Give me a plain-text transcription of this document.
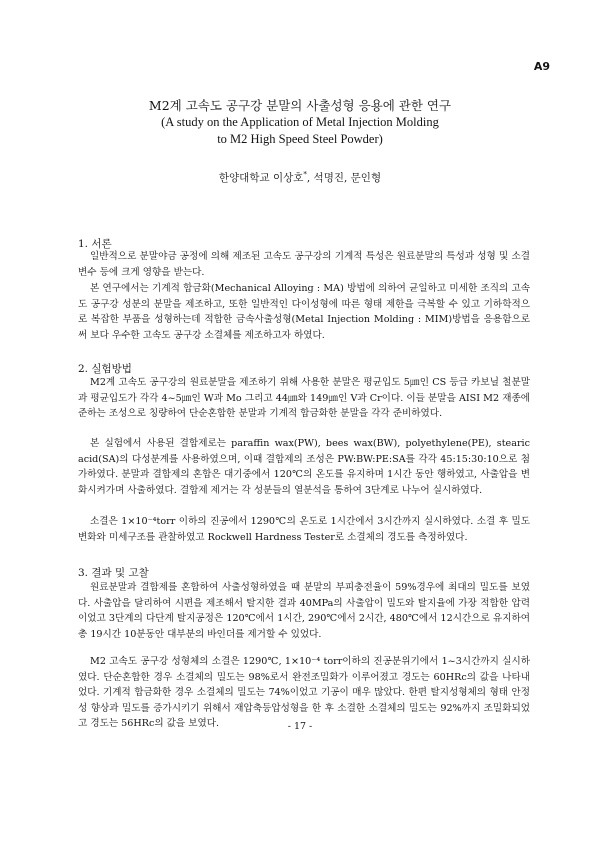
A9
M2계 고속도 공구강 분말의 사출성형 응용에 관한 연구
(A study on the Application of Metal Injection Molding
to M2 High Speed Steel Powder)
한양대학교 이상호*, 석명진, 문인형
1. 서론

일반적으로 분말야금 공정에 의해 제조된 고속도 공구강의 기계적 특성은 원료분말의 특성과 성형 및 소결변수 등에 크게 영향을 받는다.

본 연구에서는 기계적 합금화(Mechanical Alloying : MA) 방법에 의하여 균일하고 미세한 조직의 고속도 공구강 성분의 분말을 제조하고, 또한 일반적인 다이성형에 따른 형태 제한을 극복할 수 있고 기하학적으로 복잡한 부품을 성형하는데 적합한 금속사출성형(Metal Injection Molding : MIM)방법을 응용함으로써 보다 우수한 고속도 공구강 소결체를 제조하고자 하였다.

2. 실험방법

M2계 고속도 공구강의 원료분말을 제조하기 위해 사용한 분말은 평균입도 5㎛인 CS 등급 카보닐 철분말과 평균입도가 각각 4~5㎛인 W과 Mo 그리고 44㎛와 149㎛인 V과 Cr이다. 이들 분말을 AISI M2 재종에 준하는 조성으로 칭량하여 단순혼합한 분말과 기계적 합금화한 분말을 각각 준비하였다.

본 실험에서 사용된 결합제로는 paraffin wax(PW), bees wax(BW), polyethylene(PE), stearic acid(SA)의 다성분계를 사용하였으며, 이때 결합제의 조성은 PW:BW:PE:SA를 각각 45:15:30:10으로 첨가하였다. 분말과 결합제의 혼합은 대기중에서 120℃의 온도를 유지하며 1시간 동안 행하였고, 사출압을 변화시켜가며 사출하였다. 결합제 제거는 각 성분들의 열분석을 통하여 3단계로 나누어 실시하였다.

소결은 1×10⁻⁴torr 이하의 진공에서 1290℃의 온도로 1시간에서 3시간까지 실시하였다. 소결 후 밀도 변화와 미세구조를 관찰하였고 Rockwell Hardness Tester로 소결체의 경도를 측정하였다.

3. 결과 및 고찰

원료분말과 결합제를 혼합하여 사출성형하였을 때 분말의 부피충전율이 59%경우에 최대의 밀도를 보였다. 사출압을 달리하여 시편을 제조해서 탈지한 결과 40MPa의 사출압이 밀도와 탈지율에 가장 적합한 압력이었고 3단계의 다단계 탈지공정은 120℃에서 1시간, 290℃에서 2시간, 480℃에서 12시간으로 유지하여 총 19시간 10분동안 대부분의 바인더를 제거할 수 있었다.

M2 고속도 공구강 성형체의 소결은 1290℃, 1×10⁻⁴ torr이하의 진공분위기에서 1~3시간까지 실시하였다. 단순혼합한 경우 소결체의 밀도는 98%로서 완전조밀화가 이루어졌고 경도는 60HRc의 값을 나타내었다. 기계적 합금화한 경우 소결체의 밀도는 74%이었고 기공이 매우 많았다. 한편 탈지성형체의 형태 안정성 향상과 밀도를 증가시키기 위해서 재압축등압성형을 한 후 소결한 소결체의 밀도는 92%까지 조밀화되었고 경도는 56HRc의 값을 보였다.	- 17 -
